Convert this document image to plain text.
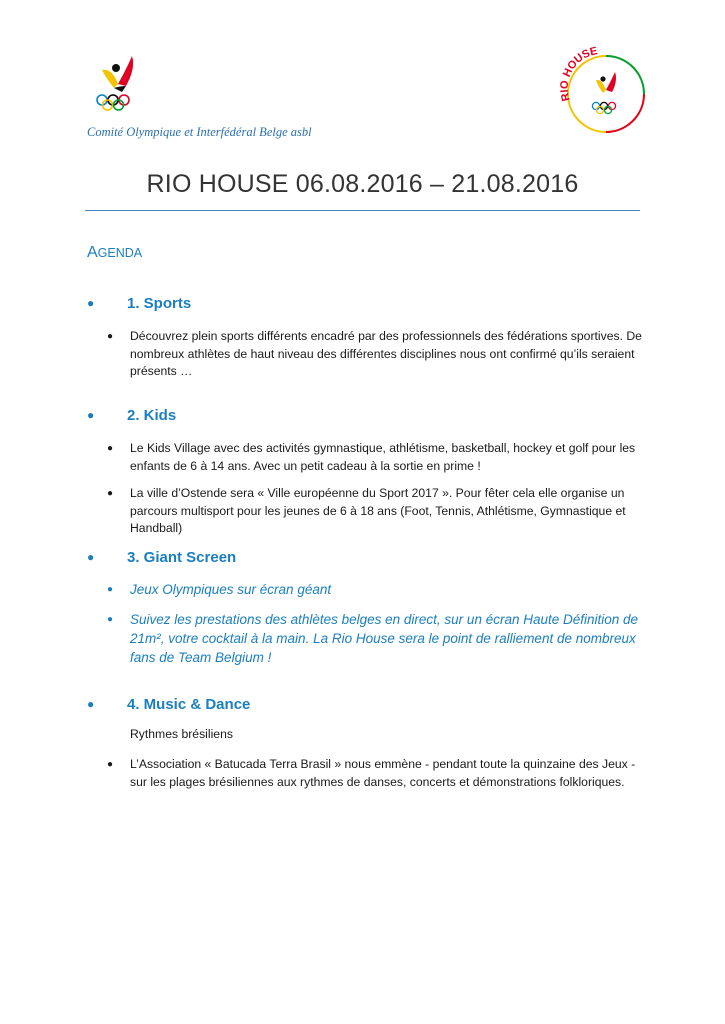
RIO HOUSE
Comité Olympique et Interfédéral Belge asbl
RIO HOUSE 06.08.2016 – 21.08.2016
AGENDA
● 1. Sports
● Découvrez plein sports différents encadré par des professionnels des fédérations sportives. De nombreux athlètes de haut niveau des différentes disciplines nous ont confirmé qu’ils seraient présents …
● 2. Kids
● Le Kids Village avec des activités gymnastique, athlétisme, basketball, hockey et golf pour les enfants de 6 à 14 ans. Avec un petit cadeau à la sortie en prime !
● La ville d’Ostende sera « Ville européenne du Sport 2017 ». Pour fêter cela elle organise un parcours multisport pour les jeunes de 6 à 18 ans (Foot, Tennis, Athlétisme, Gymnastique et Handball)
● 3. Giant Screen
● Jeux Olympiques sur écran géant
● Suivez les prestations des athlètes belges en direct, sur un écran Haute Définition de 21m², votre cocktail à la main. La Rio House sera le point de ralliement de nombreux fans de Team Belgium !
● 4. Music & Dance
Rythmes brésiliens
● L’Association « Batucada Terra Brasil » nous emmène - pendant toute la quinzaine des Jeux - sur les plages brésiliennes aux rythmes de danses, concerts et démonstrations folkloriques.
